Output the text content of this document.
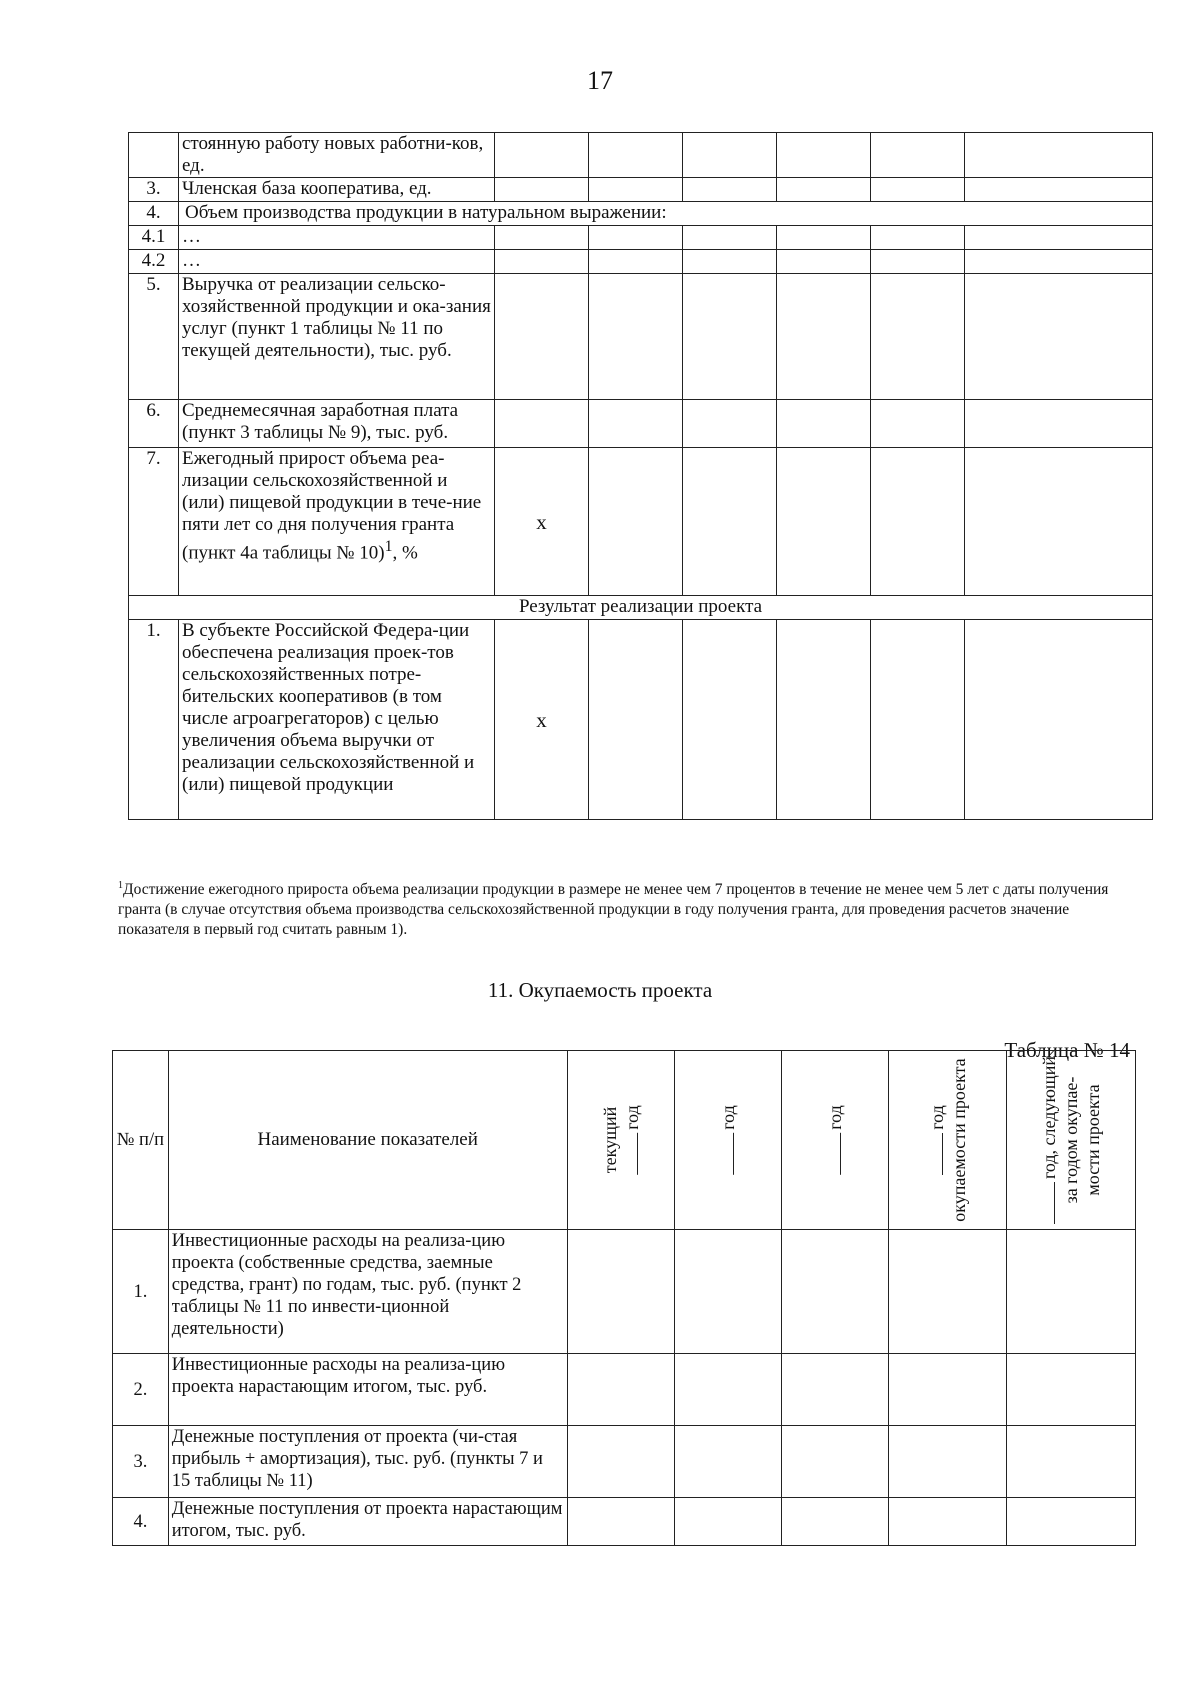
17
	стоянную работу новых работни-ков, ед.						
3.	Членская база кооператива, ед.						
4.	Объем производства продукции в натуральном выражении:						
4.1	…						
4.2	…						
5.	Выручка от реализации сельско-хозяйственной продукции и ока-зания услуг (пункт 1 таблицы № 11 по текущей деятельности), тыс. руб.						
6.	Среднемесячная заработная плата (пункт 3 таблицы № 9), тыс. руб.						
7.	Ежегодный прирост объема реа-лизации сельскохозяйственной и (или) пищевой продукции в тече-ние пяти лет со дня получения гранта (пункт 4а таблицы № 10)$^1$, %	x					
Результат реализации проекта							
1.	В субъекте Российской Федера-ции обеспечена реализация проек-тов сельскохозяйственных потре-бительских кооперативов (в том числе агроагрегаторов) с целью увеличения объема выручки от реализации сельскохозяйственной и (или) пищевой продукции	x					
$^1$Достижение ежегодного прироста объема реализации продукции в размере не менее чем 7 процентов в течение не менее чем 5 лет с даты получения гранта (в случае отсутствия объема производства сельскохозяйственной продукции в году получения гранта, для проведения расчетов значение показателя в первый год считать равным 1).
11. Окупаемость проекта
Таблица № 14
№ п/п	Наименование показателей	текущий год	год	год	год окупаемости проекта	год, следующий за годом окупае-мости проекта

1.	Инвестиционные расходы на реализа-цию проекта (собственные средства, заемные средства, грант) по годам, тыс. руб. (пункт 2 таблицы № 11 по инвести-ционной деятельности)					
2.	Инвестиционные расходы на реализа-цию проекта нарастающим итогом, тыс. руб.					
3.	Денежные поступления от проекта (чи-стая прибыль + амортизация), тыс. руб. (пункты 7 и 15 таблицы № 11)					
4.	Денежные поступления от проекта нарастающим итогом, тыс. руб.					
